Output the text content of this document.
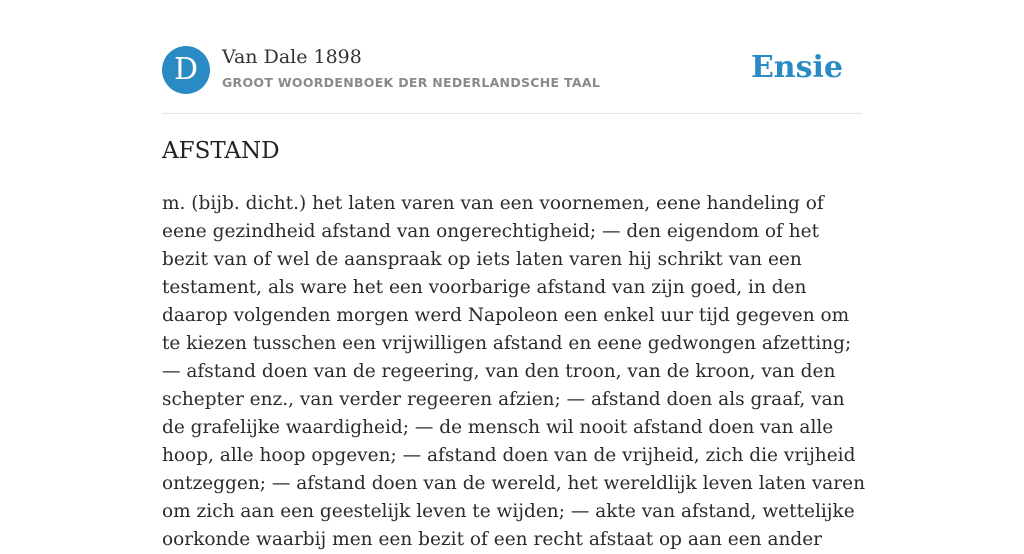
D	Van Dale 1898
GROOT WOORDENBOEK DER NEDERLANDSCHE TAAL	Ensie
AFSTAND

m. (bijb. dicht.) het laten varen van een voornemen, eene handeling of eene gezindheid afstand van ongerechtigheid; — den eigendom of het bezit van of wel de aanspraak op iets laten varen hij schrikt van een testament, als ware het een voorbarige afstand van zijn goed, in den daarop volgenden morgen werd Napoleon een enkel uur tijd gegeven om te kiezen tusschen een vrijwilligen afstand en eene gedwongen afzetting; — afstand doen van de regeering, van den troon, van de kroon, van den schepter enz., van verder regeeren afzien; — afstand doen als graaf, van de grafelijke waardigheid; — de mensch wil nooit afstand doen van alle hoop, alle hoop opgeven; — afstand doen van de vrijheid, zich die vrijheid ontzeggen; — afstand doen van de wereld, het wereldlijk leven laten varen om zich aan een geestelijk leven te wijden; — akte van afstand, wettelijke oorkonde waarbij men een bezit of een recht afstaat op aan een ander
